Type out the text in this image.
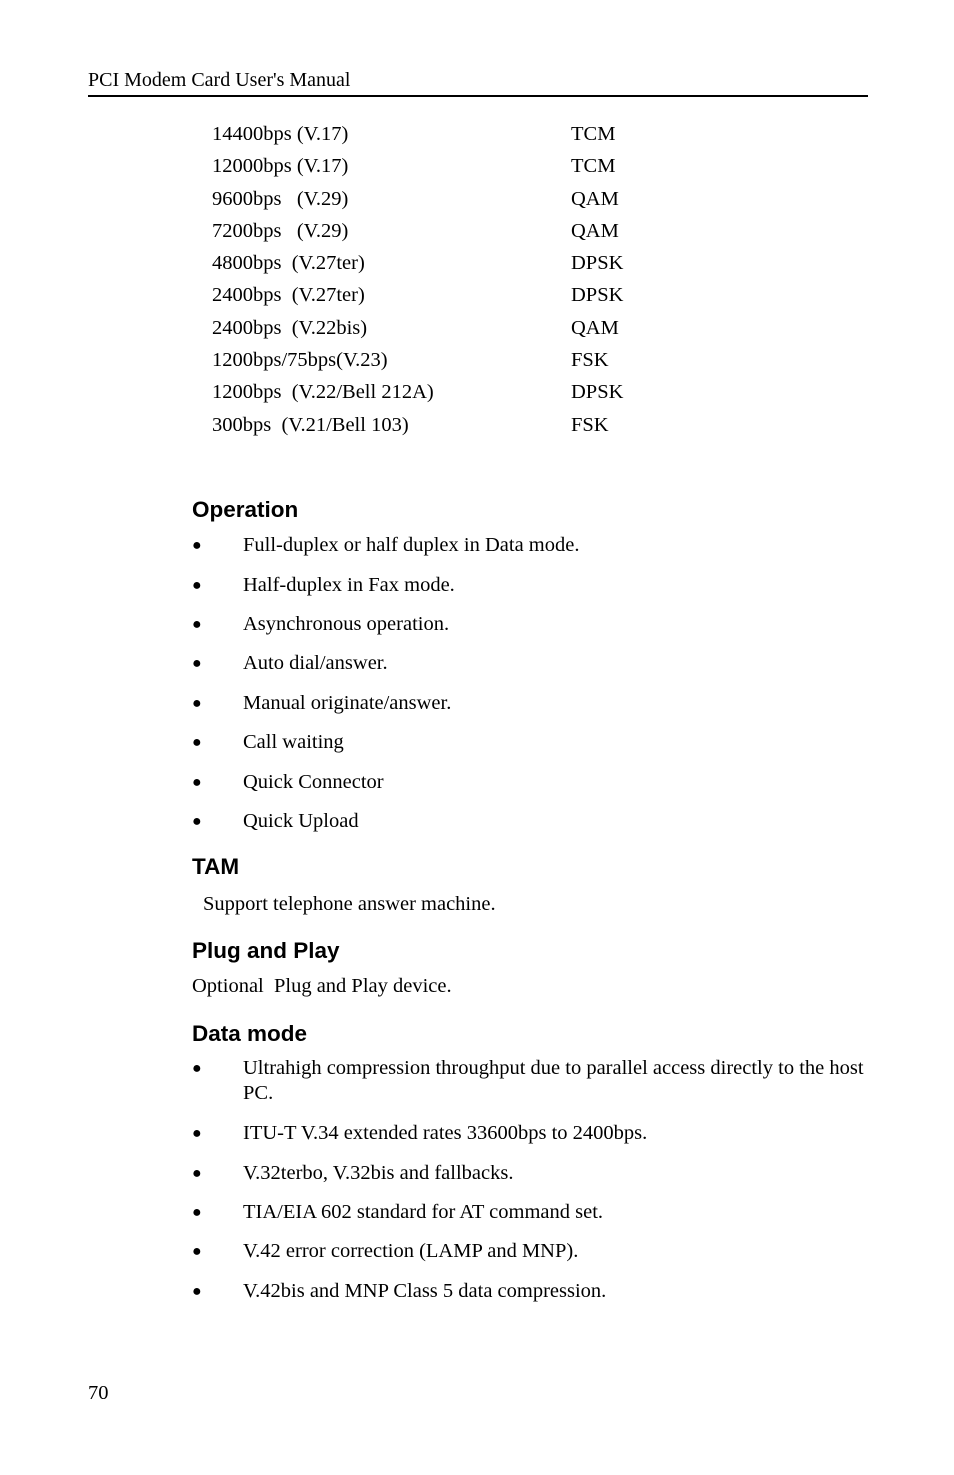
PCI Modem Card User's Manual
14400bps (V.17)	TCM
12000bps (V.17)	TCM
9600bps   (V.29)	QAM
7200bps   (V.29)	QAM
4800bps  (V.27ter)	DPSK
2400bps  (V.27ter)	DPSK
2400bps  (V.22bis)	QAM
1200bps/75bps(V.23)	FSK
1200bps  (V.22/Bell 212A)	DPSK
300bps  (V.21/Bell 103)	FSK
Operation
● Full-duplex or half duplex in Data mode.
● Half-duplex in Fax mode.
● Asynchronous operation.
● Auto dial/answer.
● Manual originate/answer.
● Call waiting
● Quick Connector
● Quick Upload
TAM
Support telephone answer machine.
Plug and Play
Optional  Plug and Play device.
Data mode
● Ultrahigh compression throughput due to parallel access directly to the host PC.
● ITU-T V.34 extended rates 33600bps to 2400bps.
● V.32terbo, V.32bis and fallbacks.
● TIA/EIA 602 standard for AT command set.
● V.42 error correction (LAMP and MNP).
● V.42bis and MNP Class 5 data compression.
70
